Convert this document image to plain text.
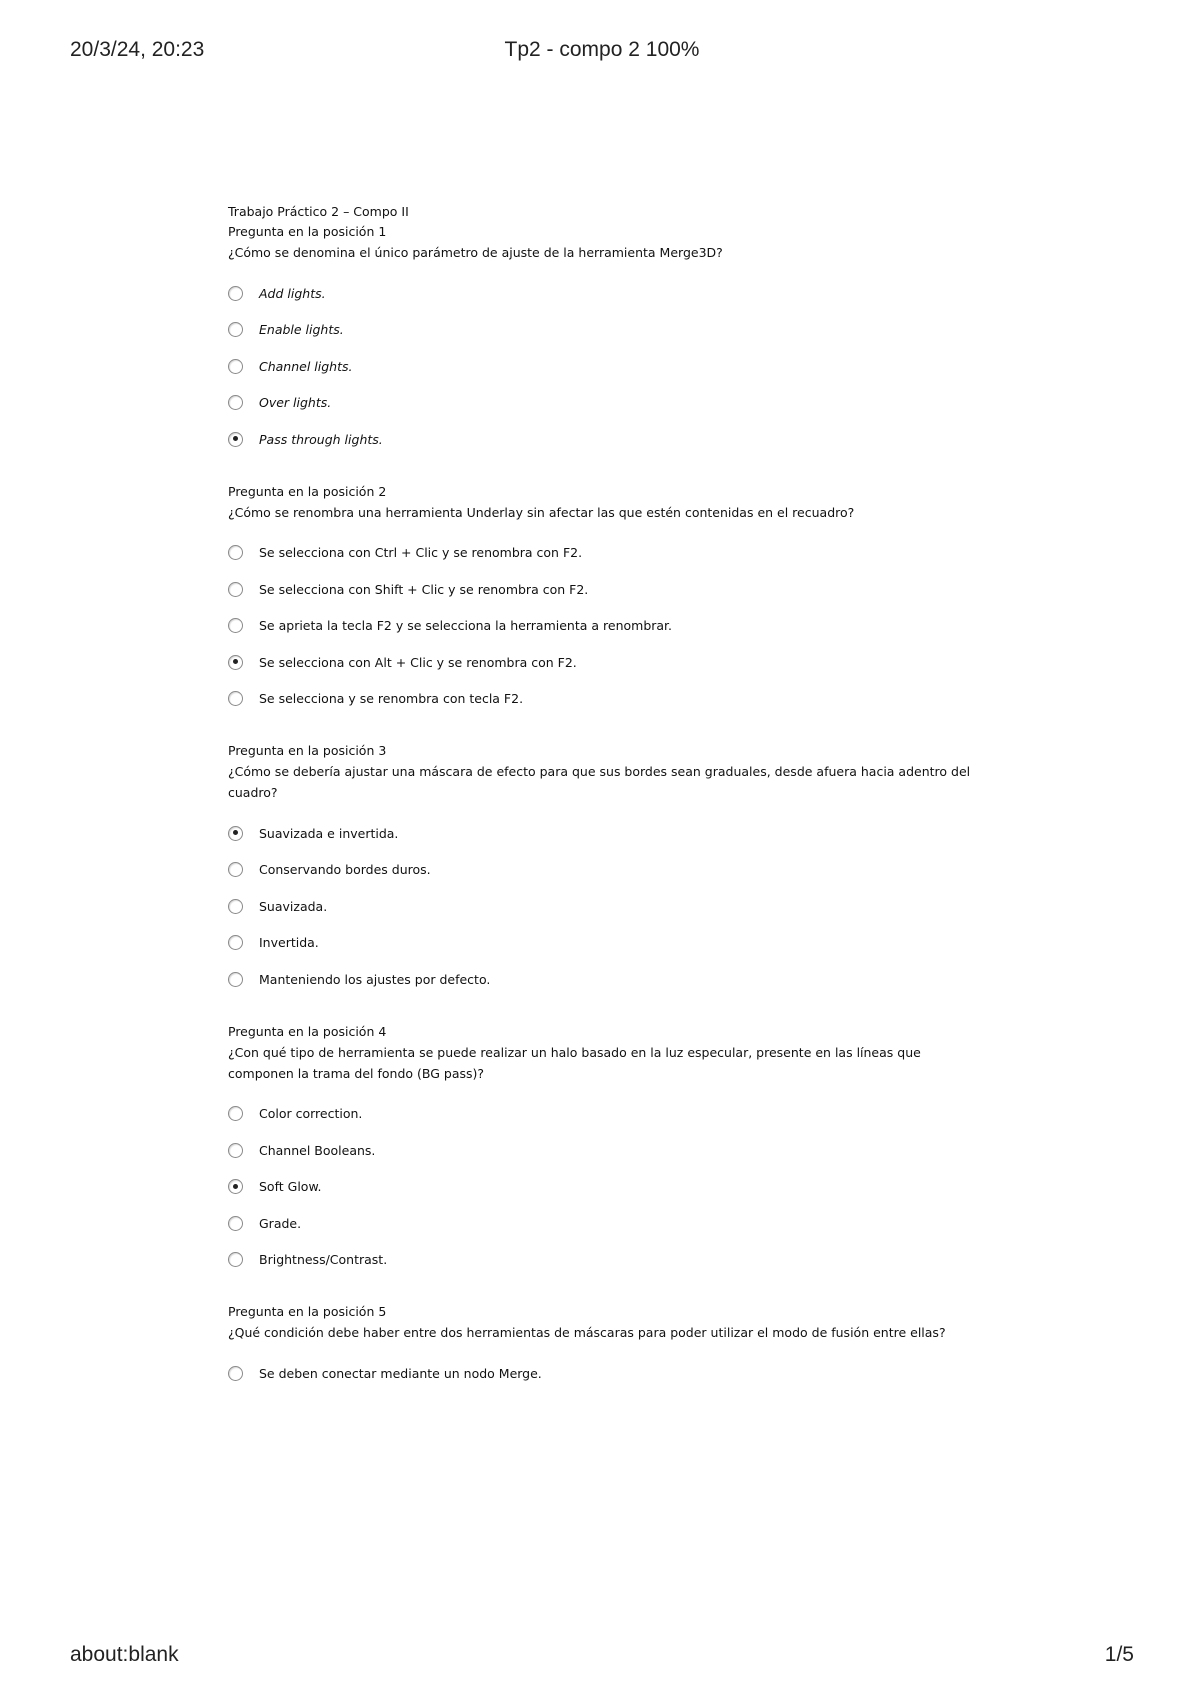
20/3/24, 20:23	Tp2 - compo 2 100%
Trabajo Práctico 2 – Compo II
Pregunta en la posición 1
¿Cómo se denomina el único parámetro de ajuste de la herramienta Merge3D?
Add lights.
Enable lights.
Channel lights.
Over lights.
Pass through lights.
Pregunta en la posición 2
¿Cómo se renombra una herramienta Underlay sin afectar las que estén contenidas en el recuadro?
Se selecciona con Ctrl + Clic y se renombra con F2.
Se selecciona con Shift + Clic y se renombra con F2.
Se aprieta la tecla F2 y se selecciona la herramienta a renombrar.
Se selecciona con Alt + Clic y se renombra con F2.
Se selecciona y se renombra con tecla F2.
Pregunta en la posición 3
¿Cómo se debería ajustar una máscara de efecto para que sus bordes sean graduales, desde afuera hacia adentro del cuadro?
Suavizada e invertida.
Conservando bordes duros.
Suavizada.
Invertida.
Manteniendo los ajustes por defecto.
Pregunta en la posición 4
¿Con qué tipo de herramienta se puede realizar un halo basado en la luz especular, presente en las líneas que componen la trama del fondo (BG pass)?
Color correction.
Channel Booleans.
Soft Glow.
Grade.
Brightness/Contrast.
Pregunta en la posición 5
¿Qué condición debe haber entre dos herramientas de máscaras para poder utilizar el modo de fusión entre ellas?
Se deben conectar mediante un nodo Merge.
about:blank	1/5
